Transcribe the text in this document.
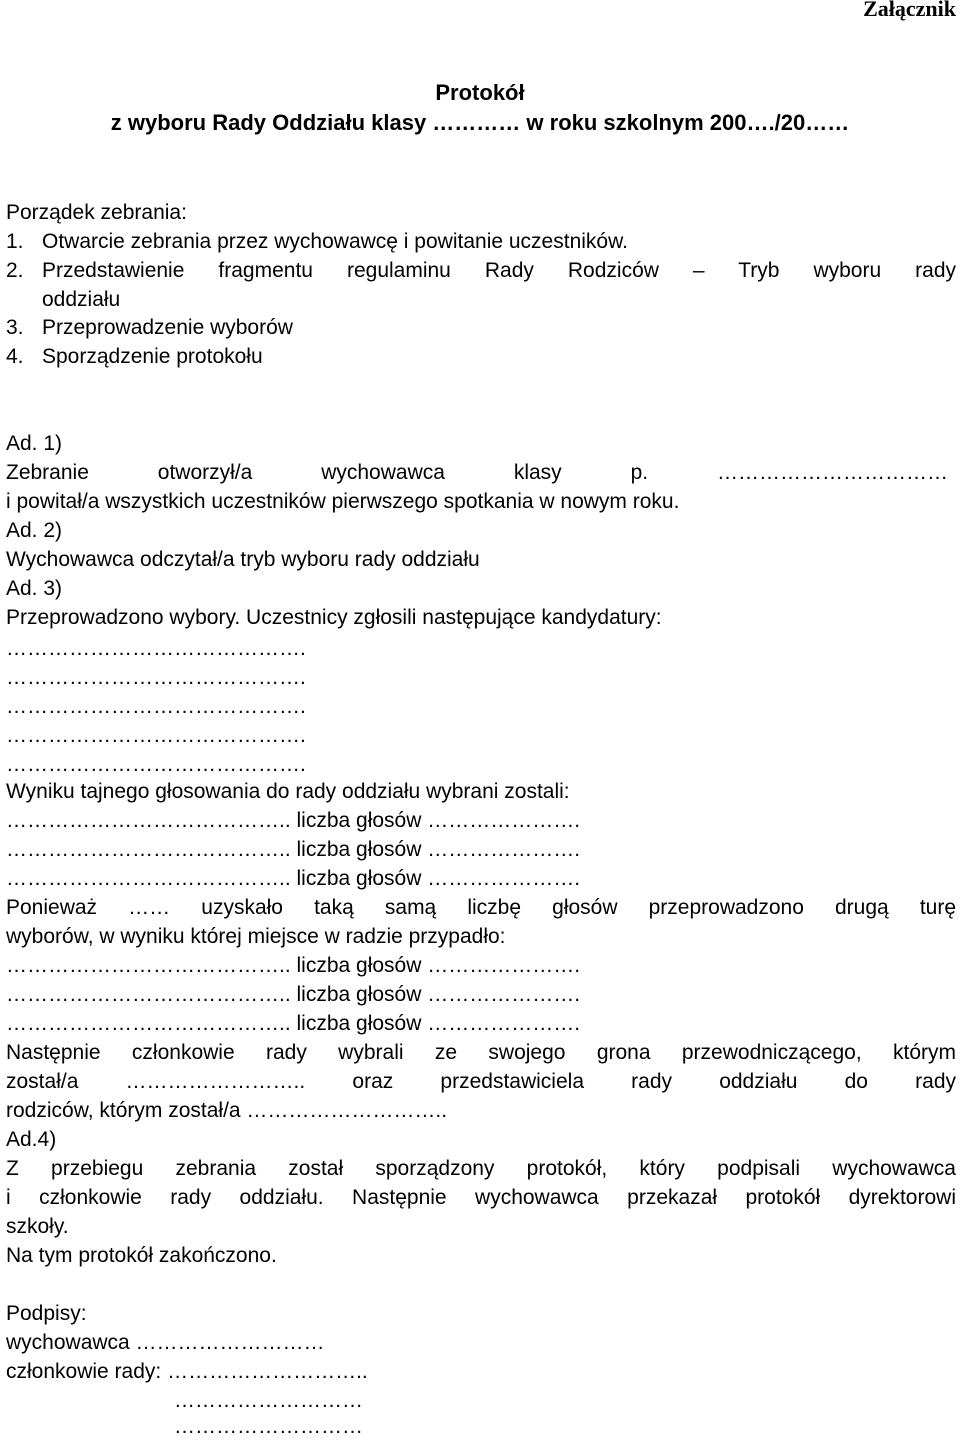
Załącznik
Protokół
z wyboru Rady Oddziału klasy ………… w roku szkolnym 200…./20……
Porządek zebrania:
1. Otwarcie zebrania przez wychowawcę i powitanie uczestników.
2. Przedstawienie fragmentu regulaminu Rady Rodziców – Tryb wyboru rady
oddziału
3. Przeprowadzenie wyborów
4. Sporządzenie protokołu
Ad. 1)
Zebranie otworzył/a wychowawca klasy p. ……………………………
i powitał/a wszystkich uczestników pierwszego spotkania w nowym roku.
Ad. 2)
Wychowawca odczytał/a tryb wyboru rady oddziału
Ad. 3)
Przeprowadzono wybory. Uczestnicy zgłosili następujące kandydatury:
…………………………………….
…………………………………….
…………………………………….
…………………………………….
…………………………………….
Wyniku tajnego głosowania do rady oddziału wybrani zostali:
………………………………….. liczba głosów ………………….
………………………………….. liczba głosów ………………….
………………………………….. liczba głosów ………………….
Ponieważ …… uzyskało taką samą liczbę głosów przeprowadzono drugą turę
wyborów, w wyniku której miejsce w radzie przypadło:
………………………………….. liczba głosów ………………….
………………………………….. liczba głosów ………………….
………………………………….. liczba głosów ………………….
Następnie członkowie rady wybrali ze swojego grona przewodniczącego, którym
został/a …………………….. oraz przedstawiciela rady oddziału do rady
rodziców, którym został/a ………………………..
Ad.4)
Z przebiegu zebrania został sporządzony protokół, który podpisali wychowawca
i członkowie rady oddziału. Następnie wychowawca przekazał protokół dyrektorowi
szkoły.
Na tym protokół zakończono.
Podpisy:
wychowawca ………………………
członkowie rady: ………………………..
………………………
………………………
